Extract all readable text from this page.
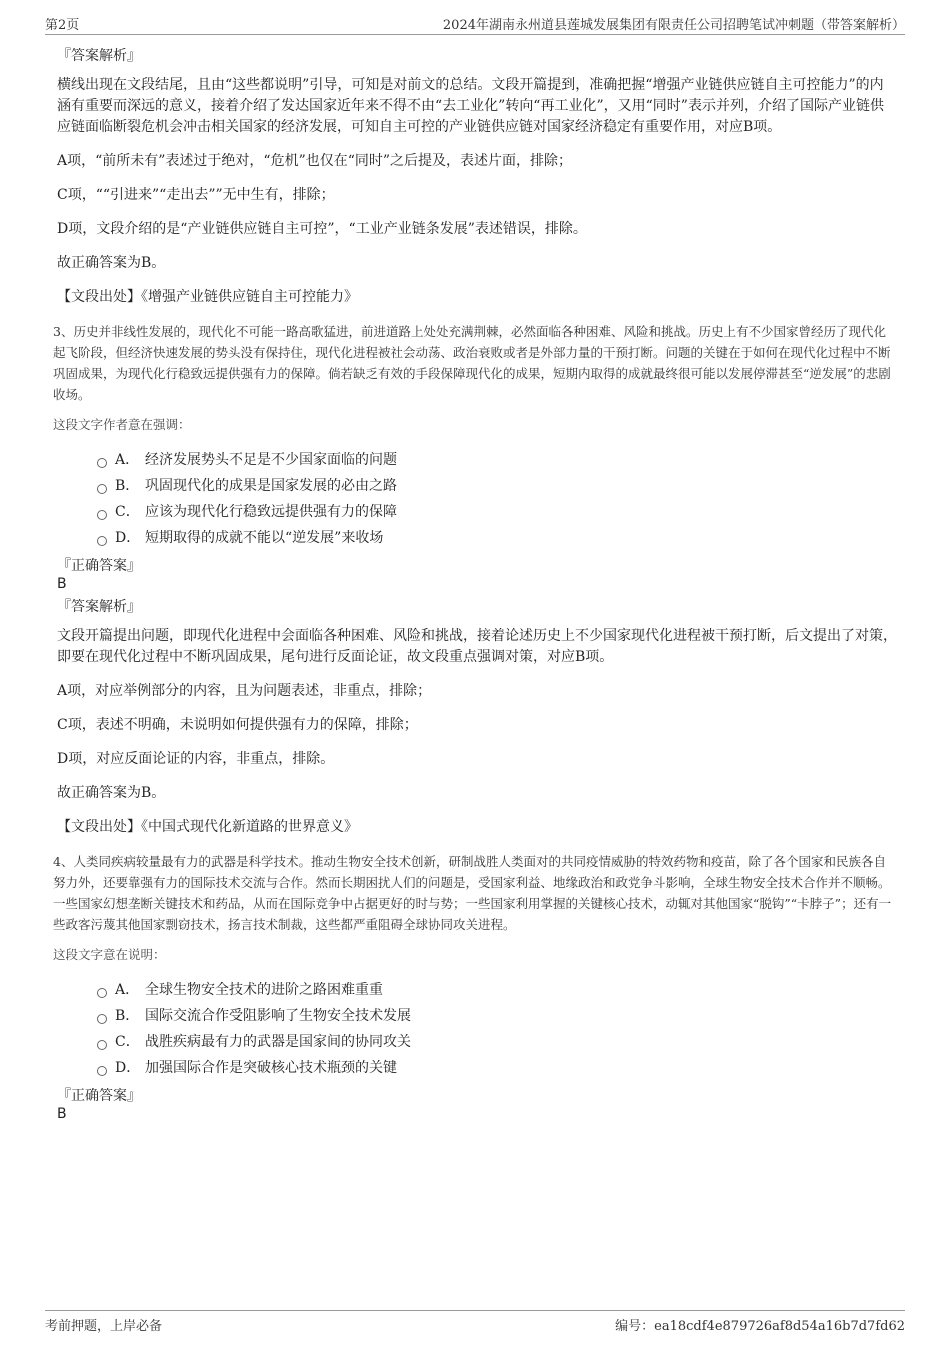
第2页	2024年湖南永州道县莲城发展集团有限责任公司招聘笔试冲刺题（带答案解析）

『答案解析』

横线出现在文段结尾，且由“这些都说明”引导，可知是对前文的总结。文段开篇提到，准确把握“增强产业链供应链自主可控能力”的内涵有重要而深远的意义，接着介绍了发达国家近年来不得不由“去工业化”转向“再工业化”，又用“同时”表示并列，介绍了国际产业链供应链面临断裂危机会冲击相关国家的经济发展，可知自主可控的产业链供应链对国家经济稳定有重要作用，对应B项。

A项，“前所未有”表述过于绝对，“危机”也仅在“同时”之后提及，表述片面，排除；

C项，““引进来”“走出去””无中生有，排除；

D项，文段介绍的是“产业链供应链自主可控”，“工业产业链条发展”表述错误，排除。

故正确答案为B。

【文段出处】《增强产业链供应链自主可控能力》

3、历史并非线性发展的，现代化不可能一路高歌猛进，前进道路上处处充满荆棘，必然面临各种困难、风险和挑战。历史上有不少国家曾经历了现代化起飞阶段，但经济快速发展的势头没有保持住，现代化进程被社会动荡、政治衰败或者是外部力量的干预打断。问题的关键在于如何在现代化过程中不断巩固成果，为现代化行稳致远提供强有力的保障。倘若缺乏有效的手段保障现代化的成果，短期内取得的成就最终很可能以发展停滞甚至“逆发展”的悲剧收场。

这段文字作者意在强调：

A． 经济发展势头不足是不少国家面临的问题
B． 巩固现代化的成果是国家发展的必由之路
C． 应该为现代化行稳致远提供强有力的保障
D． 短期取得的成就不能以“逆发展”来收场

『正确答案』

B

『答案解析』

文段开篇提出问题，即现代化进程中会面临各种困难、风险和挑战，接着论述历史上不少国家现代化进程被干预打断，后文提出了对策，即要在现代化过程中不断巩固成果，尾句进行反面论证，故文段重点强调对策，对应B项。

A项，对应举例部分的内容，且为问题表述，非重点，排除；

C项，表述不明确，未说明如何提供强有力的保障，排除；

D项，对应反面论证的内容，非重点，排除。

故正确答案为B。

【文段出处】《中国式现代化新道路的世界意义》

4、人类同疾病较量最有力的武器是科学技术。推动生物安全技术创新，研制战胜人类面对的共同疫情威胁的特效药物和疫苗，除了各个国家和民族各自努力外，还要靠强有力的国际技术交流与合作。然而长期困扰人们的问题是，受国家利益、地缘政治和政党争斗影响，全球生物安全技术合作并不顺畅。一些国家幻想垄断关键技术和药品，从而在国际竞争中占据更好的时与势；一些国家利用掌握的关键核心技术，动辄对其他国家“脱钩”“卡脖子”；还有一些政客污蔑其他国家剽窃技术，扬言技术制裁，这些都严重阻碍全球协同攻关进程。

这段文字意在说明：

A． 全球生物安全技术的进阶之路困难重重
B． 国际交流合作受阻影响了生物安全技术发展
C． 战胜疾病最有力的武器是国家间的协同攻关
D． 加强国际合作是突破核心技术瓶颈的关键

『正确答案』

B

考前押题，上岸必备	编号：ea18cdf4e879726af8d54a16b7d7fd62
